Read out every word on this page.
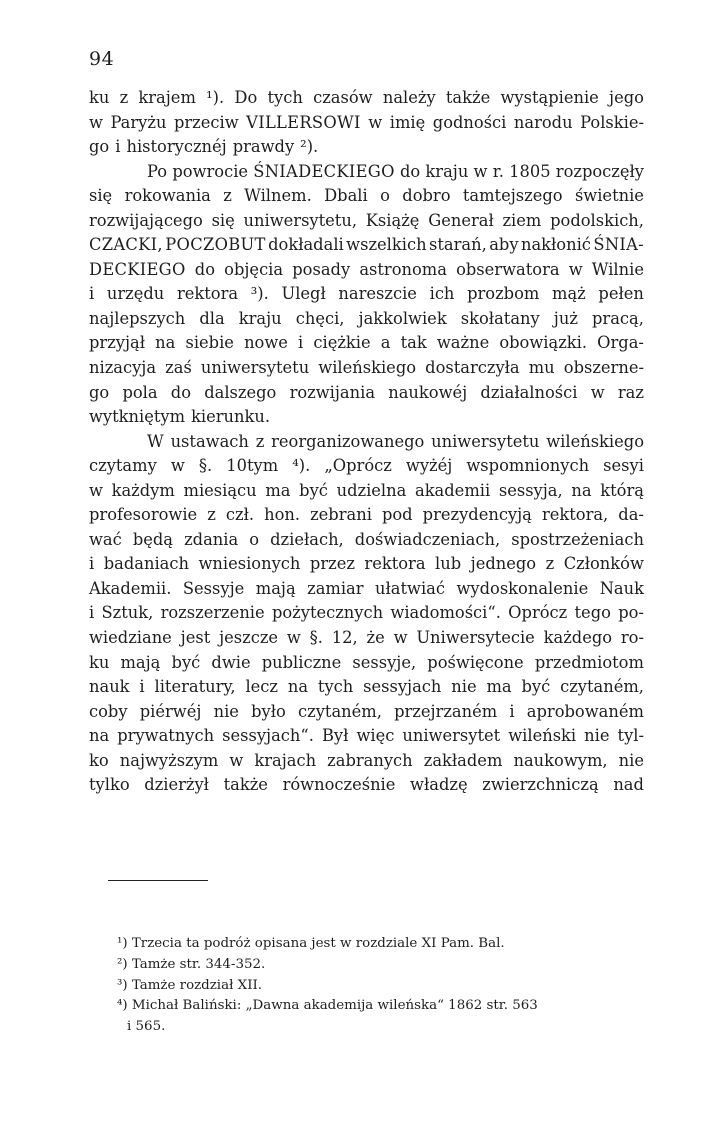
94
ku z krajem ¹). Do tych czasów należy także wystąpienie jego
w Paryżu przeciw VILLERSOWI w imię godności narodu Polskie-
go i historycznéj prawdy ²).
Po powrocie ŚNIADECKIEGO do kraju w r. 1805 rozpoczęły
się rokowania z Wilnem. Dbali o dobro tamtejszego świetnie
rozwijającego się uniwersytetu, Książę Generał ziem podolskich,
CZACKI, POCZOBUT dokładali wszelkich starań, aby nakłonić ŚNIA-
DECKIEGO do objęcia posady astronoma obserwatora w Wilnie
i urzędu rektora ³). Uległ nareszcie ich prozbom mąż pełen
najlepszych dla kraju chęci, jakkolwiek skołatany już pracą,
przyjął na siebie nowe i ciężkie a tak ważne obowiązki. Orga-
nizacyja zaś uniwersytetu wileńskiego dostarczyła mu obszerne-
go pola do dalszego rozwijania naukowéj działalności w raz
wytkniętym kierunku.
W ustawach z reorganizowanego uniwersytetu wileńskiego
czytamy w §. 10tym ⁴). „Oprócz wyżéj wspomnionych sesyi
w każdym miesiącu ma być udzielna akademii sessyja, na którą
profesorowie z czł. hon. zebrani pod prezydencyją rektora, da-
wać będą zdania o dziełach, doświadczeniach, spostrzeżeniach
i badaniach wniesionych przez rektora lub jednego z Członków
Akademii. Sessyje mają zamiar ułatwiać wydoskonalenie Nauk
i Sztuk, rozszerzenie pożytecznych wiadomości“. Oprócz tego po-
wiedziane jest jeszcze w §. 12, że w Uniwersytecie każdego ro-
ku mają być dwie publiczne sessyje, poświęcone przedmiotom
nauk i literatury, lecz na tych sessyjach nie ma być czytaném,
coby piérwéj nie było czytaném, przejrzaném i aprobowaném
na prywatnych sessyjach“. Był więc uniwersytet wileński nie tyl-
ko najwyższym w krajach zabranych zakładem naukowym, nie
tylko dzierżył także równocześnie władzę zwierzchniczą nad
¹) Trzecia ta podróż opisana jest w rozdziale XI Pam. Bal.
²) Tamże str. 344-352.
³) Tamże rozdział XII.
⁴) Michał Baliński: „Dawna akademija wileńska“ 1862 str. 563
i 565.
